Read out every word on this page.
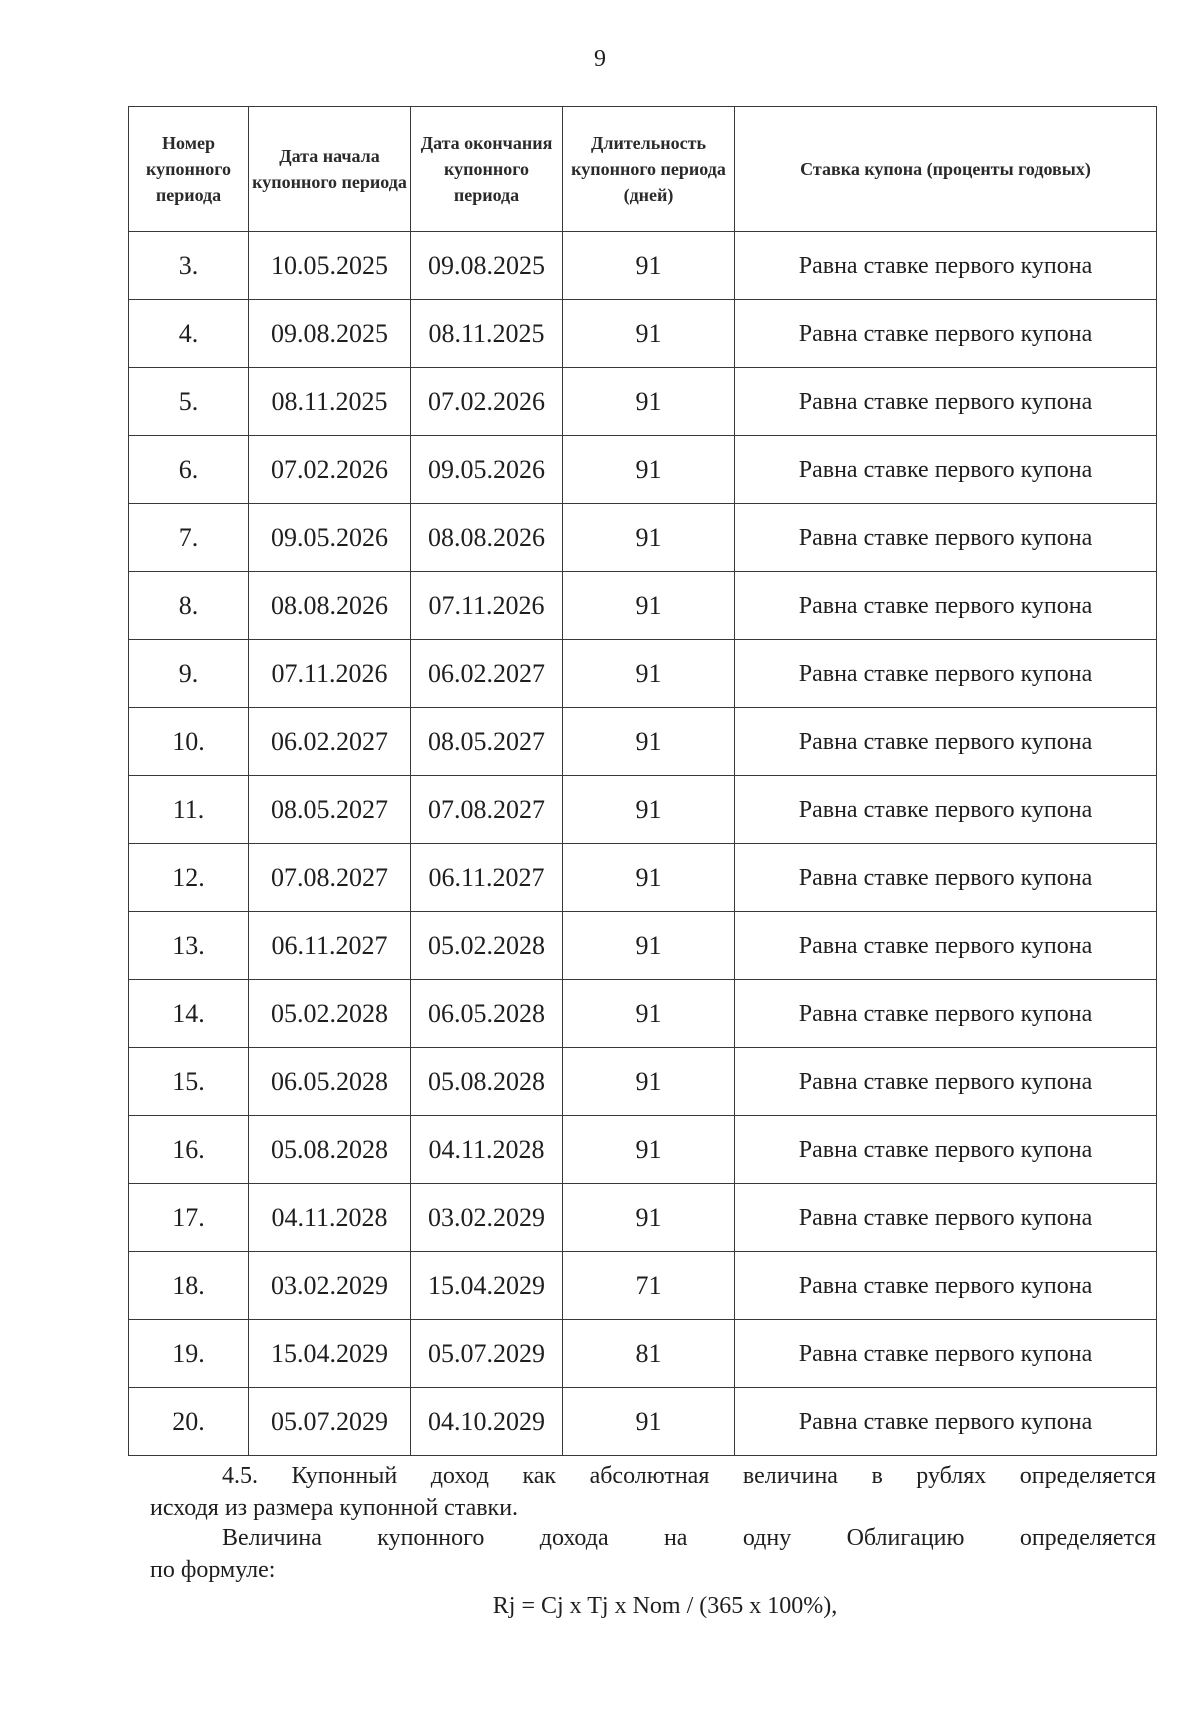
9
Номер купонного периода	Дата начала купонного периода	Дата окончания купонного периода	Длительность купонного периода (дней)	Ставка купона (проценты годовых)
3.	10.05.2025	09.08.2025	91	Равна ставке первого купона
4.	09.08.2025	08.11.2025	91	Равна ставке первого купона
5.	08.11.2025	07.02.2026	91	Равна ставке первого купона
6.	07.02.2026	09.05.2026	91	Равна ставке первого купона
7.	09.05.2026	08.08.2026	91	Равна ставке первого купона
8.	08.08.2026	07.11.2026	91	Равна ставке первого купона
9.	07.11.2026	06.02.2027	91	Равна ставке первого купона
10.	06.02.2027	08.05.2027	91	Равна ставке первого купона
11.	08.05.2027	07.08.2027	91	Равна ставке первого купона
12.	07.08.2027	06.11.2027	91	Равна ставке первого купона
13.	06.11.2027	05.02.2028	91	Равна ставке первого купона
14.	05.02.2028	06.05.2028	91	Равна ставке первого купона
15.	06.05.2028	05.08.2028	91	Равна ставке первого купона
16.	05.08.2028	04.11.2028	91	Равна ставке первого купона
17.	04.11.2028	03.02.2029	91	Равна ставке первого купона
18.	03.02.2029	15.04.2029	71	Равна ставке первого купона
19.	15.04.2029	05.07.2029	81	Равна ставке первого купона
20.	05.07.2029	04.10.2029	91	Равна ставке первого купона

4.5. Купонный доход как абсолютная величина в рублях определяется

исходя из размера купонной ставки.

Величина купонного дохода на одну Облигацию определяется

по формуле:

Rj = Cj x Tj x Nom / (365 x 100%),
